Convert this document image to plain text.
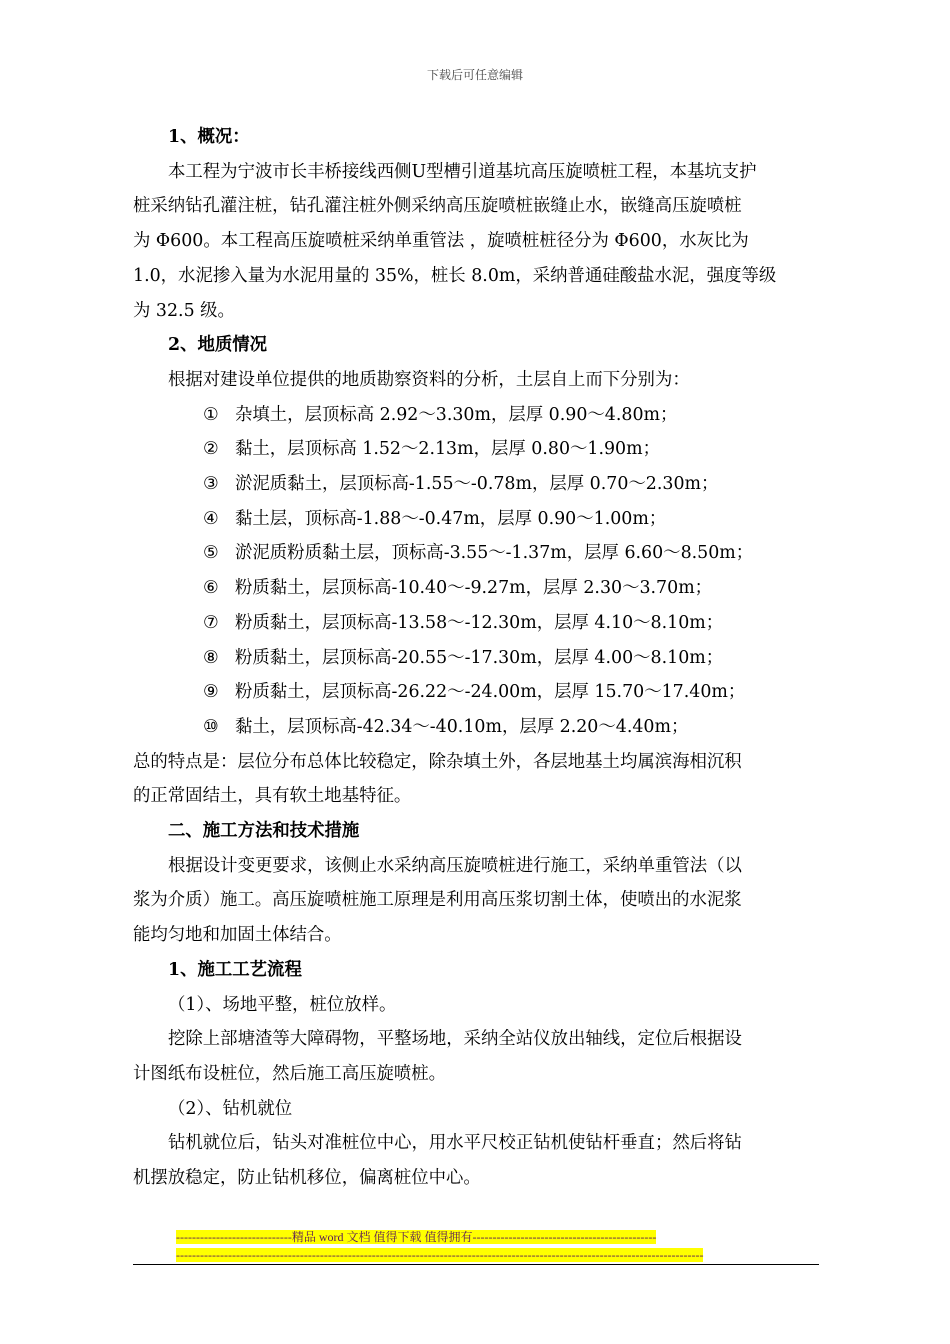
下载后可任意编辑

1、概况：

本工程为宁波市长丰桥接线西侧U型槽引道基坑高压旋喷桩工程，本基坑支护

桩采纳钻孔灌注桩，钻孔灌注桩外侧采纳高压旋喷桩嵌缝止水，嵌缝高压旋喷桩

为 Φ600。本工程高压旋喷桩采纳单重管法 ，旋喷桩桩径分为 Φ600，水灰比为

1.0，水泥掺入量为水泥用量的 35%，桩长 8.0m，采纳普通硅酸盐水泥，强度等级

为 32.5 级。

2、地质情况

根据对建设单位提供的地质勘察资料的分析，土层自上而下分别为：

① 杂填土，层顶标高 2.92～3.30m，层厚 0.90～4.80m；

② 黏土，层顶标高 1.52～2.13m，层厚 0.80～1.90m；

③ 淤泥质黏土，层顶标高-1.55～-0.78m，层厚 0.70～2.30m；

④ 黏土层，顶标高-1.88～-0.47m，层厚 0.90～1.00m；

⑤ 淤泥质粉质黏土层，顶标高-3.55～-1.37m，层厚 6.60～8.50m；

⑥ 粉质黏土，层顶标高-10.40～-9.27m，层厚 2.30～3.70m；

⑦ 粉质黏土，层顶标高-13.58～-12.30m，层厚 4.10～8.10m；

⑧ 粉质黏土，层顶标高-20.55～-17.30m，层厚 4.00～8.10m；

⑨ 粉质黏土，层顶标高-26.22～-24.00m，层厚 15.70～17.40m；

⑩ 黏土，层顶标高-42.34～-40.10m，层厚 2.20～4.40m；

总的特点是：层位分布总体比较稳定，除杂填土外，各层地基土均属滨海相沉积

的正常固结土，具有软土地基特征。

二、施工方法和技术措施

根据设计变更要求，该侧止水采纳高压旋喷桩进行施工，采纳单重管法（以

浆为介质）施工。高压旋喷桩施工原理是利用高压浆切割土体，使喷出的水泥浆

能均匀地和加固土体结合。

1、施工工艺流程

（1）、场地平整，桩位放样。

挖除上部塘渣等大障碍物，平整场地，采纳全站仪放出轴线，定位后根据设

计图纸布设桩位，然后施工高压旋喷桩。

（2）、钻机就位

钻机就位后，钻头对准桩位中心，用水平尺校正钻机使钻杆垂直；然后将钻

机摆放稳定，防止钻机移位，偏离桩位中心。

-----------------------------精品 word 文档 值得下载 值得拥有----------------------------------------------
------------------------------------------------------------------------------------------------------------------------------------
